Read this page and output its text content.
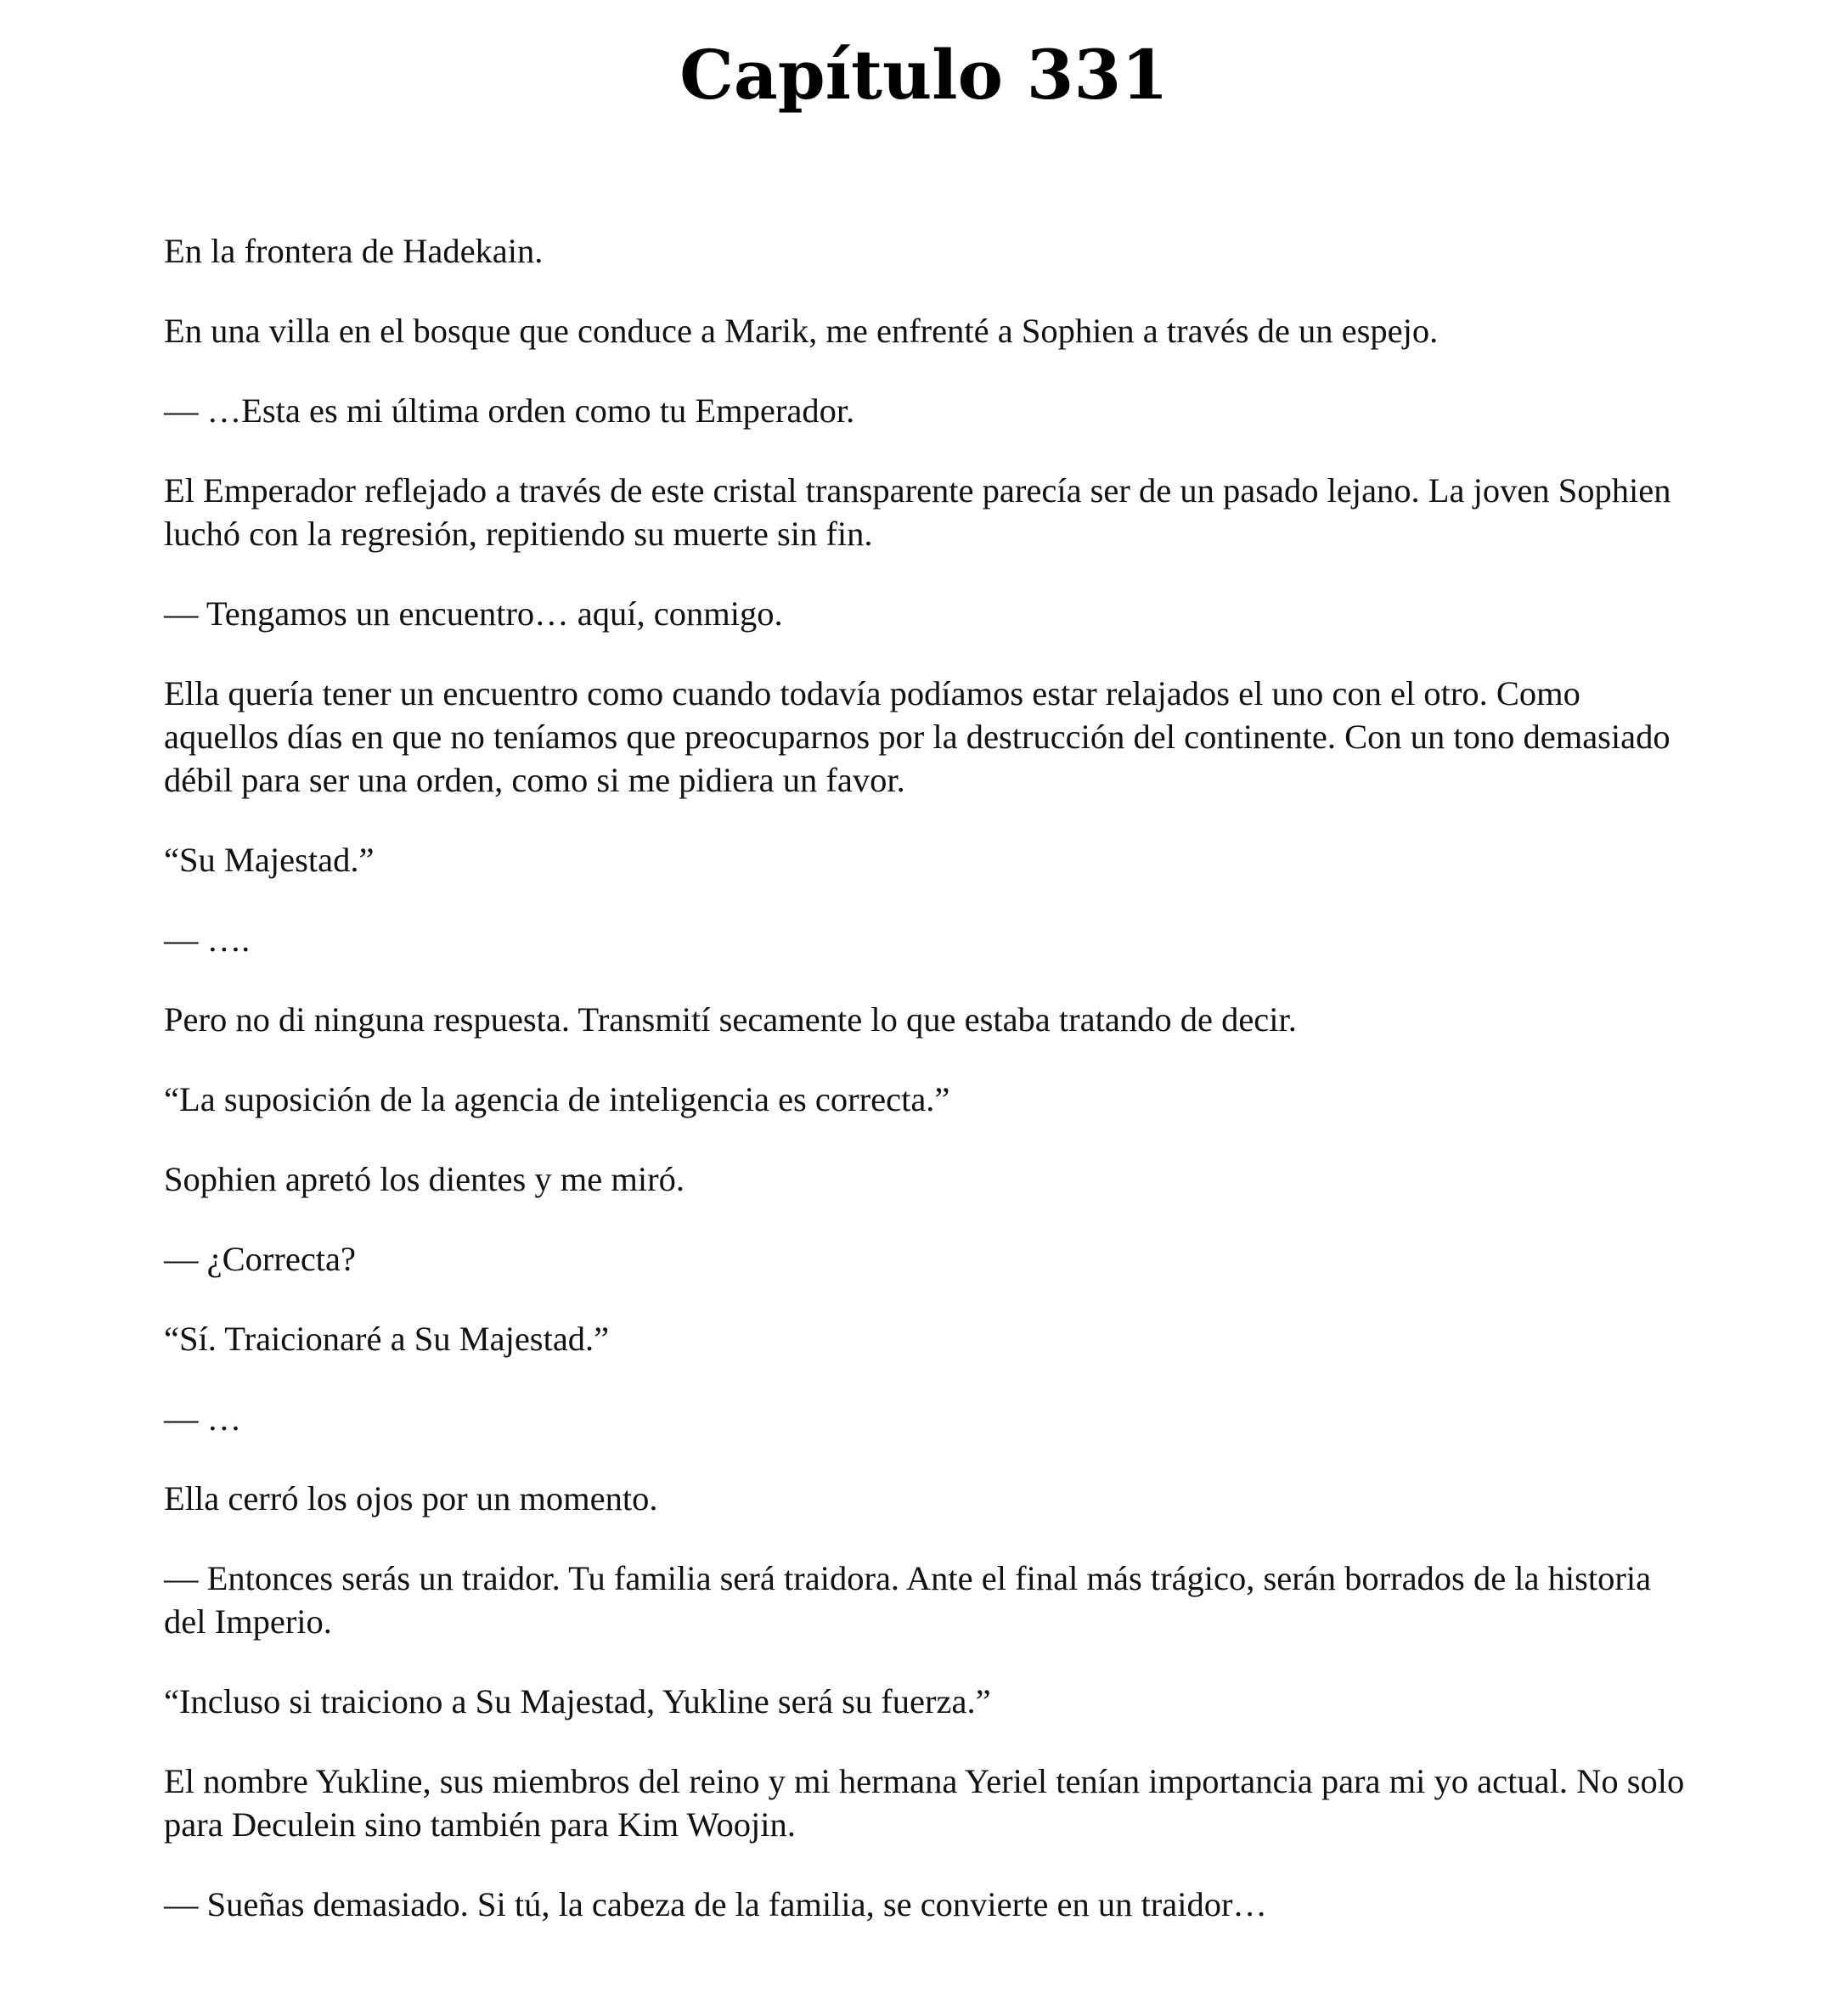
Capítulo 331

En la frontera de Hadekain.

En una villa en el bosque que conduce a Marik, me enfrenté a Sophien a través de un espejo.

— …Esta es mi última orden como tu Emperador.

El Emperador reflejado a través de este cristal transparente parecía ser de un pasado lejano. La joven Sophien luchó con la regresión, repitiendo su muerte sin fin.

— Tengamos un encuentro… aquí, conmigo.

Ella quería tener un encuentro como cuando todavía podíamos estar relajados el uno con el otro. Como aquellos días en que no teníamos que preocuparnos por la destrucción del continente. Con un tono demasiado débil para ser una orden, como si me pidiera un favor.

“Su Majestad.”

— ….

Pero no di ninguna respuesta. Transmití secamente lo que estaba tratando de decir.

“La suposición de la agencia de inteligencia es correcta.”

Sophien apretó los dientes y me miró.

— ¿Correcta?

“Sí. Traicionaré a Su Majestad.”

— …

Ella cerró los ojos por un momento.

— Entonces serás un traidor. Tu familia será traidora. Ante el final más trágico, serán borrados de la historia del Imperio.

“Incluso si traiciono a Su Majestad, Yukline será su fuerza.”

El nombre Yukline, sus miembros del reino y mi hermana Yeriel tenían importancia para mi yo actual. No solo para Deculein sino también para Kim Woojin.

— Sueñas demasiado. Si tú, la cabeza de la familia, se convierte en un traidor…
